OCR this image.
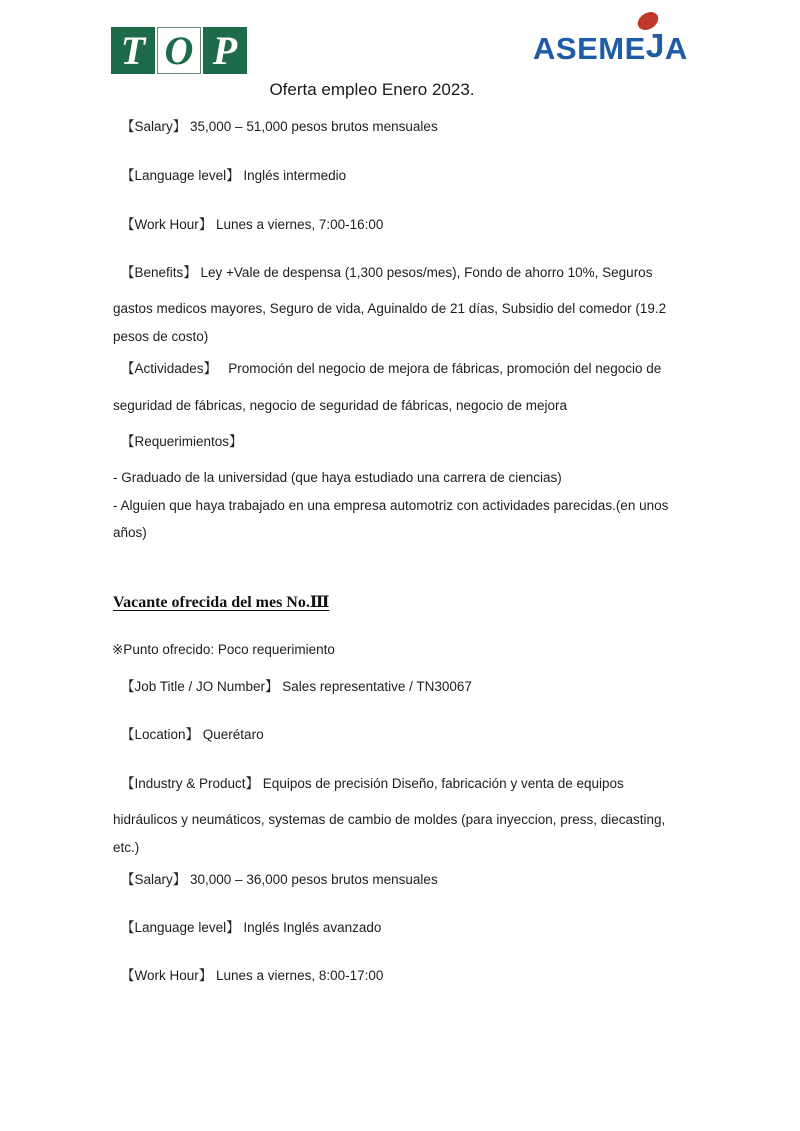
T O P	ASEMEJA
Oferta empleo Enero 2023.
【Salary】 35,000 – 51,000 pesos brutos mensuales
【Language level】 Inglés intermedio
【Work Hour】 Lunes a viernes, 7:00-16:00
【Benefits】 Ley +Vale de despensa (1,300 pesos/mes), Fondo de ahorro 10%, Seguros
gastos medicos mayores, Seguro de vida, Aguinaldo de 21 días, Subsidio del comedor (19.2
pesos de costo)
【Actividades】   Promoción del negocio de mejora de fábricas, promoción del negocio de
seguridad de fábricas, negocio de seguridad de fábricas, negocio de mejora
【Requerimientos】
- Graduado de la universidad (que haya estudiado una carrera de ciencias)
- Alguien que haya trabajado en una empresa automotriz con actividades parecidas.(en unos
años)
Vacante ofrecida del mes No.Ⅲ
※Punto ofrecido: Poco requerimiento
【Job Title / JO Number】 Sales representative / TN30067
【Location】 Querétaro
【Industry & Product】 Equipos de precisión Diseño, fabricación y venta de equipos
hidráulicos y neumáticos, systemas de cambio de moldes (para inyeccion, press, diecasting,
etc.)
【Salary】 30,000 – 36,000 pesos brutos mensuales
【Language level】 Inglés Inglés avanzado
【Work Hour】 Lunes a viernes, 8:00-17:00
